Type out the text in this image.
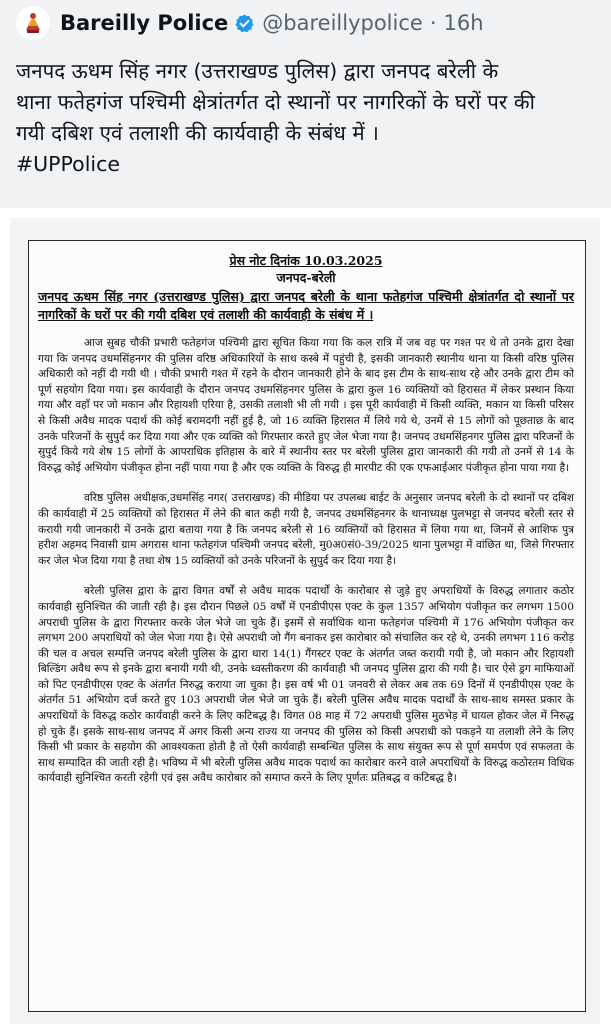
Bareilly Police @bareillypolice · 16h

जनपद ऊधम सिंह नगर (उत्तराखण्ड पुलिस) द्वारा जनपद बरेली के

थाना फतेहगंज पश्चिमी क्षेत्रांतर्गत दो स्थानों पर नागरिकों के घरों पर की

गयी दबिश एवं तलाशी की कार्यवाही के संबंध में ।

#UPPolice

प्रेस नोट दिनांक 10.03.2025
जनपद-बरेली
जनपद ऊधम सिंह नगर (उत्तराखण्ड पुलिस) द्वारा जनपद बरेली के थाना फतेहगंज पश्चिमी क्षेत्रांतर्गत दो स्थानों पर नागरिकों के घरों पर की गयी दबिश एवं तलाशी की कार्यवाही के संबंध में ।

आज सुबह चौकी प्रभारी फतेहगंज पश्चिमी द्वारा सूचित किया गया कि कल रात्रि में जब वह पर गश्त पर थे तो उनके द्वारा देखा गया कि जनपद उधमसिंहनगर की पुलिस वरिष्ठ अधिकारियों के साथ कस्बे में पहुंची है, इसकी जानकारी स्थानीय थाना या किसी वरिष्ठ पुलिस अधिकारी को नहीं दी गयी थी । चौकी प्रभारी गश्त में रहने के दौरान जानकारी होने के बाद इस टीम के साथ-साथ रहे और उनके द्वारा टीम को पूर्ण सहयोग दिया गया। इस कार्यवाही के दौरान जनपद उधमसिंहनगर पुलिस के द्वारा कुल 16 व्यक्तियों को हिरासत में लेकर प्रस्थान किया गया और वहाँ पर जो मकान और रिहायशी एरिया है, उसकी तलाशी भी ली गयी । इस पूरी कार्यवाही में किसी व्यक्ति, मकान या किसी परिसर से किसी अवैध मादक पदार्थ की कोई बरामदगी नहीं हुई है, जो 16 व्यक्ति हिरासत में लिये गये थे, उनमें से 15 लोगों को पूछताछ के बाद उनके परिजनों के सुपुर्द कर दिया गया और एक व्यक्ति को गिरफ्तार करते हुए जेल भेजा गया है। जनपद उधमसिंहनगर पुलिस द्वारा परिजनों के सुपुर्द किये गये शेष 15 लोगों के आपराधिक इतिहास के बारे में स्थानीय स्तर पर बरेली पुलिस द्वारा जानकारी की गयी तो उनमें से 14 के विरुद्ध कोई अभियोग पंजीकृत होना नहीं पाया गया है और एक व्यक्ति के विरुद्ध ही मारपीट की एक एफआईआर पंजीकृत होना पाया गया है।

वरिष्ठ पुलिस अधीक्षक,उधमसिंह नगर( उत्तराखण्ड) की मीडिया पर उपलब्ध बाईट के अनुसार जनपद बरेली के दो स्थानों पर दबिश की कार्यवाही में 25 व्यक्तियों को हिरासत में लेने की बात कही गयी है, जनपद उधमसिंहनगर के थानाध्यक्ष पुलभट्टा से जनपद बरेली स्तर से करायी गयी जानकारी में उनके द्वारा बताया गया है कि जनपद बरेली से 16 व्यक्तियों को हिरासत में लिया गया था, जिनमें से आशिफ पुत्र हरीश अहमद निवासी ग्राम अगरास थाना फतेहगंज पश्चिमी जनपद बरेली, मु0अ0सं0-39/2025 थाना पुलभट्टा में वांछित था, जिसे गिरफ्तार कर जेल भेज दिया गया है तथा शेष 15 व्यक्तियों को उनके परिजनों के सुपुर्द कर दिया गया है।

बरेली पुलिस द्वारा के द्वारा विगत वर्षों से अवैध मादक पदार्थों के कारोबार से जुड़े हुए अपराधियों के विरुद्ध लगातार कठोर कार्यवाही सुनिश्चित की जाती रही है। इस दौरान पिछले 05 वर्षों में एनडीपीएस एक्ट के कुल 1357 अभियोग पंजीकृत कर लगभग 1500 अपराधी पुलिस के द्वारा गिरफ्तार करके जेल भेजे जा चुके हैं। इसमें से सर्वाधिक थाना फतेहगंज पश्चिमी में 176 अभियोग पंजीकृत कर लगभग 200 अपराधियों को जेल भेजा गया है। ऐसे अपराधी जो गैंग बनाकर इस कारोबार को संचालित कर रहे थे, उनकी लगभग 116 करोड़ की चल व अचल सम्पत्ति जनपद बरेली पुलिस के द्वारा धारा 14(1) गैंगस्टर एक्ट के अंतर्गत जब्त करायी गयी है, जो मकान और रिहायशी बिल्डिंग अवैध रूप से इनके द्वारा बनायी गयी थी, उनके ध्वस्तीकरण की कार्यवाही भी जनपद पुलिस द्वारा की गयी है। चार ऐसे ड्रग माफियाओं को पिट एनडीपीएस एक्ट के अंतर्गत निरुद्ध कराया जा चुका है। इस वर्ष भी 01 जनवरी से लेकर अब तक 69 दिनों में एनडीपीएस एक्ट के अंतर्गत 51 अभियोग दर्ज करते हुए 103 अपराधी जेल भेजे जा चुके हैं। बरेली पुलिस अवैध मादक पदार्थों के साथ-साथ समस्त प्रकार के अपराधियों के विरुद्ध कठोर कार्यवाही करने के लिए कटिबद्ध है। विगत 08 माह में 72 अपराधी पुलिस मुठभेड़ में घायल होकर जेल में निरुद्ध हो चुके हैं। इसके साथ-साथ जनपद में अगर किसी अन्य राज्य या जनपद की पुलिस को किसी अपराधी को पकड़ने या तलाशी लेने के लिए किसी भी प्रकार के सहयोग की आवश्यकता होती है तो ऐसी कार्यवाही सम्बन्धित पुलिस के साथ संयुक्त रूप से पूर्ण समर्पण एवं सफलता के साथ सम्पादित की जाती रही है। भविष्य में भी बरेली पुलिस अवैध मादक पदार्थ का कारोबार करने वाले अपराधियों के विरुद्ध कठोरतम विधिक कार्यवाही सुनिश्चित करती रहेगी एवं इस अवैध कारोबार को समाप्त करने के लिए पूर्णतः प्रतिबद्ध व कटिबद्ध है।
